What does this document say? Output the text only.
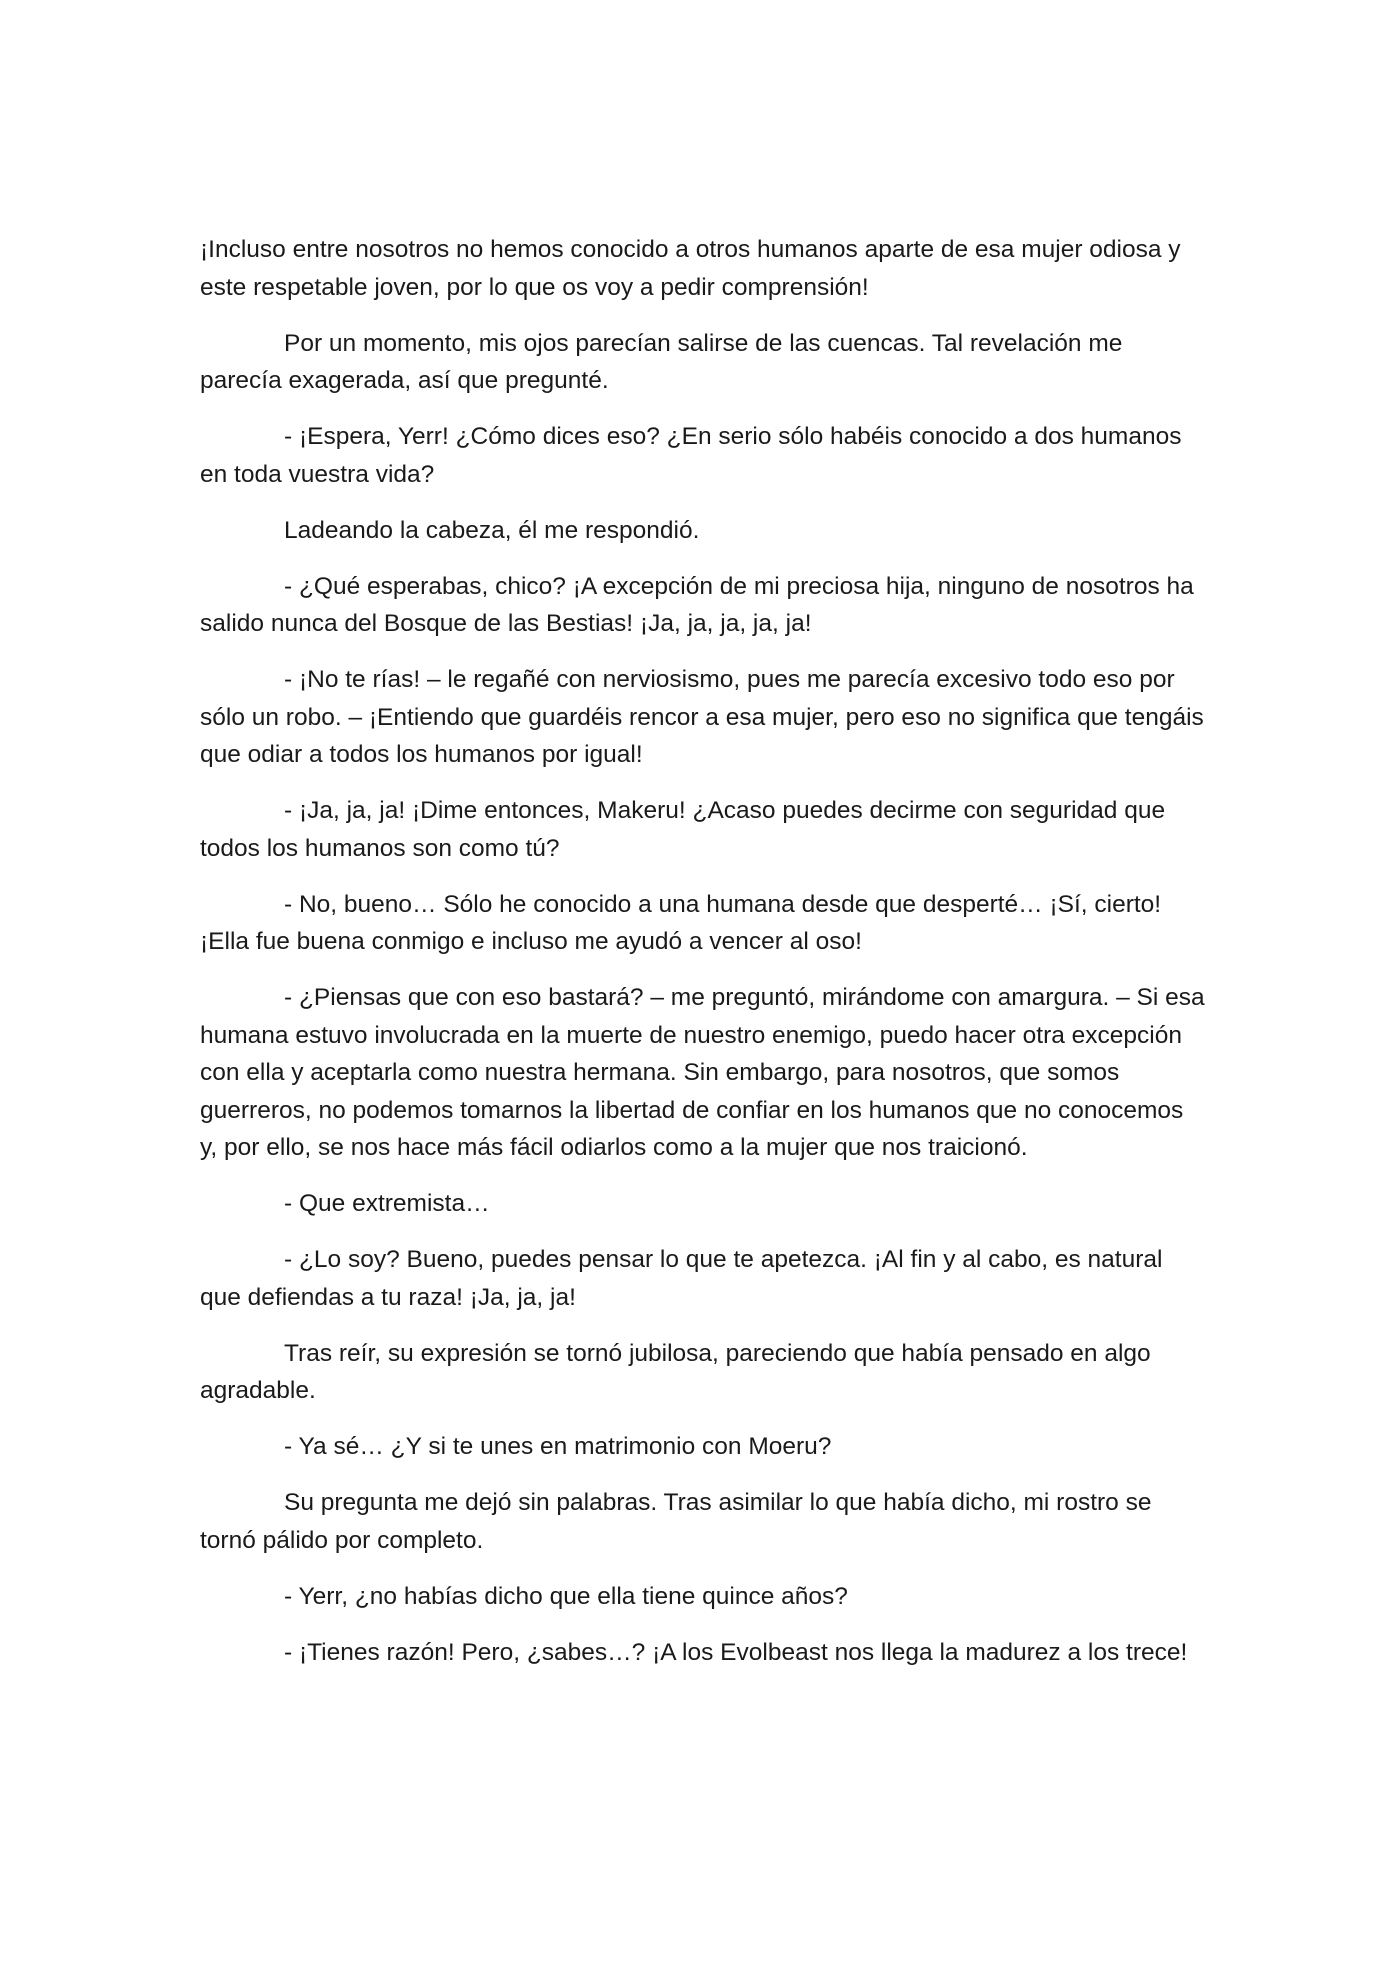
¡Incluso entre nosotros no hemos conocido a otros humanos aparte de esa mujer odiosa y este respetable joven, por lo que os voy a pedir comprensión!

Por un momento, mis ojos parecían salirse de las cuencas. Tal revelación me parecía exagerada, así que pregunté.

- ¡Espera, Yerr! ¿Cómo dices eso? ¿En serio sólo habéis conocido a dos humanos en toda vuestra vida?

Ladeando la cabeza, él me respondió.

- ¿Qué esperabas, chico? ¡A excepción de mi preciosa hija, ninguno de nosotros ha salido nunca del Bosque de las Bestias! ¡Ja, ja, ja, ja, ja!

- ¡No te rías! – le regañé con nerviosismo, pues me parecía excesivo todo eso por sólo un robo. – ¡Entiendo que guardéis rencor a esa mujer, pero eso no significa que tengáis que odiar a todos los humanos por igual!

- ¡Ja, ja, ja! ¡Dime entonces, Makeru! ¿Acaso puedes decirme con seguridad que todos los humanos son como tú?

- No, bueno… Sólo he conocido a una humana desde que desperté… ¡Sí, cierto! ¡Ella fue buena conmigo e incluso me ayudó a vencer al oso!

- ¿Piensas que con eso bastará? – me preguntó, mirándome con amargura. – Si esa humana estuvo involucrada en la muerte de nuestro enemigo, puedo hacer otra excepción con ella y aceptarla como nuestra hermana. Sin embargo, para nosotros, que somos guerreros, no podemos tomarnos la libertad de confiar en los humanos que no conocemos y, por ello, se nos hace más fácil odiarlos como a la mujer que nos traicionó.

- Que extremista…

- ¿Lo soy? Bueno, puedes pensar lo que te apetezca. ¡Al fin y al cabo, es natural que defiendas a tu raza! ¡Ja, ja, ja!

Tras reír, su expresión se tornó jubilosa, pareciendo que había pensado en algo agradable.

- Ya sé… ¿Y si te unes en matrimonio con Moeru?

Su pregunta me dejó sin palabras. Tras asimilar lo que había dicho, mi rostro se tornó pálido por completo.

- Yerr, ¿no habías dicho que ella tiene quince años?

- ¡Tienes razón! Pero, ¿sabes…? ¡A los Evolbeast nos llega la madurez a los trece!
